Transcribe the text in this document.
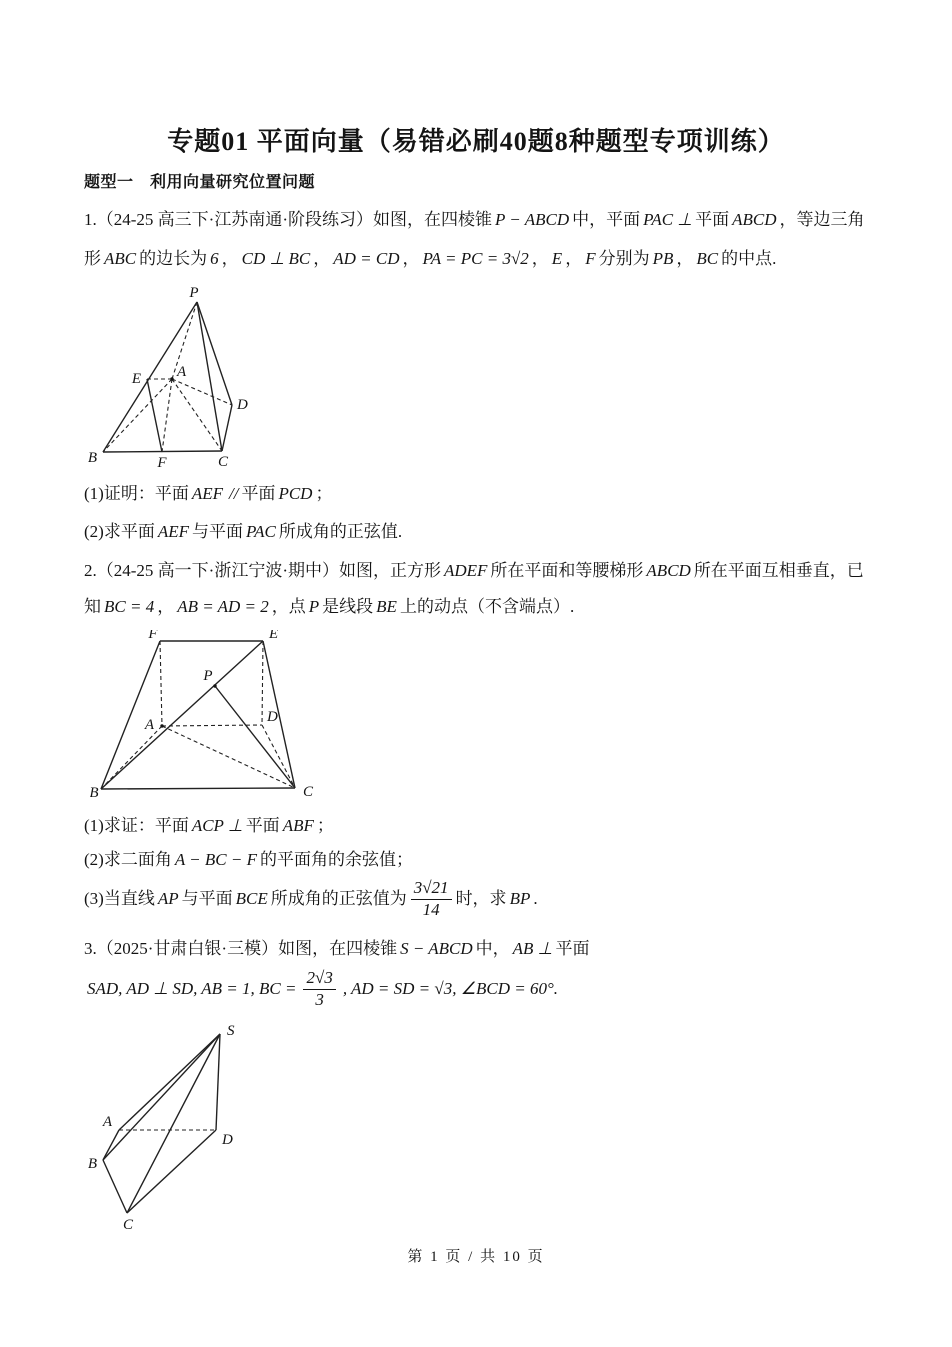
专题01 平面向量（易错必刷40题8种题型专项训练）
题型一　利用向量研究位置问题

1.（24-25 高三下·江苏南通·阶段练习）如图，在四棱锥 P − ABCD 中，平面 PAC ⊥ 平面 ABCD ，等边三角

形 ABC 的边长为 6 ， CD ⊥ BC ， AD = CD ， PA = PC = 3√2 ， E ， F 分别为 PB ， BC 的中点.

P
E A
D
B	F	C

(1)证明：平面 AEF // 平面 PCD ；

(2)求平面 AEF 与平面 PAC 所成角的正弦值.

2.（24-25 高一下·浙江宁波·期中）如图，正方形 ADEF 所在平面和等腰梯形 ABCD 所在平面互相垂直，已

知 BC = 4 ， AB = AD = 2 ，点 P 是线段 BE 上的动点（不含端点）.

F	E
P
A	D
B	C

(1)求证：平面 ACP ⊥ 平面 ABF ；

(2)求二面角 A − BC − F 的平面角的余弦值；

(3)当直线 AP 与平面 BCE 所成角的正弦值为 $\frac{3√21}{14}$ 时，求 BP .

3.（2025·甘肃白银·三模）如图，在四棱锥 S − ABCD 中， AB ⊥ 平面

SAD, AD ⊥ SD, AB = 1, BC = $\frac{2√3}{3}$ , AD = SD = √3, ∠BCD = 60°.

S
A
D
B
C
第 1 页 / 共 10 页
